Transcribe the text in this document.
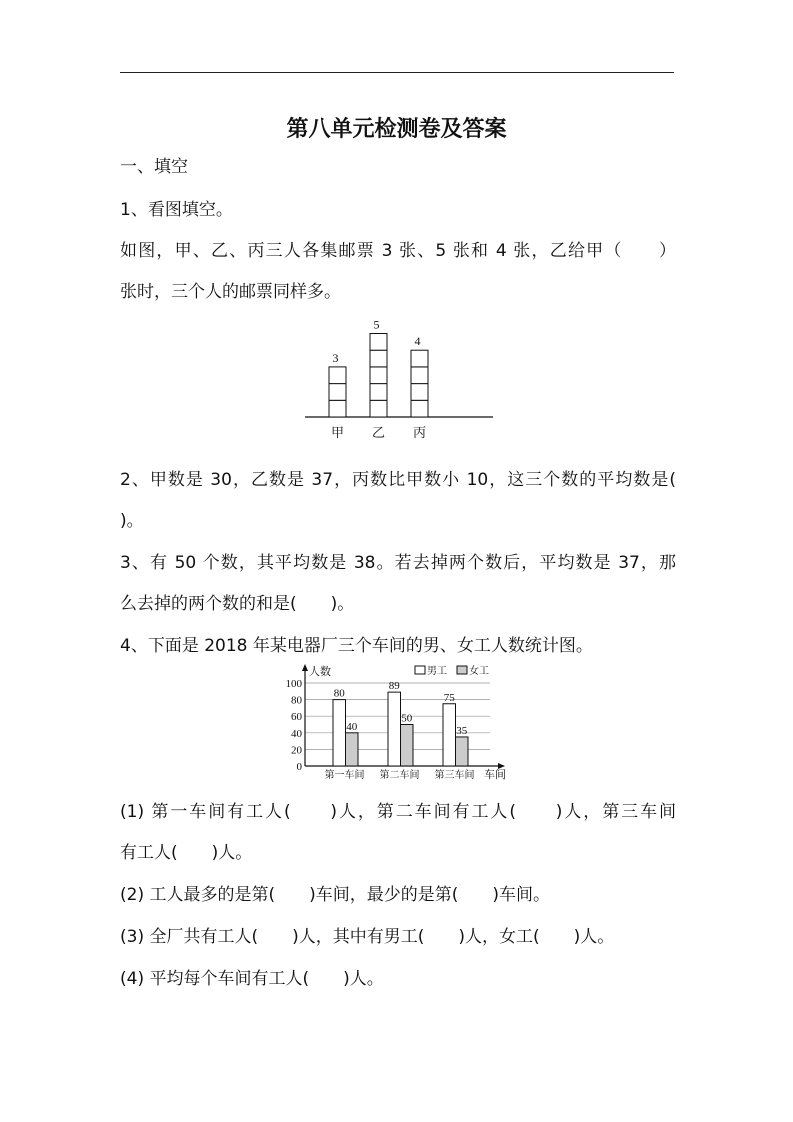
第八单元检测卷及答案
一、填空
1、看图填空。
如图，甲、乙、丙三人各集邮票 3 张、5 张和 4 张，乙给甲（　　）
张时，三个人的邮票同样多。
3
甲
5
乙
4
丙
2、甲数是 30，乙数是 37，丙数比甲数小 10，这三个数的平均数是(
)。
3、有 50 个数，其平均数是 38。若去掉两个数后，平均数是 37，那
么去掉的两个数的和是(　　)。
4、下面是 2018 年某电器厂三个车间的男、女工人数统计图。
0
20
40
60
80
100
人数
车间
80
89
75
男工
40
50
35
女工
第一车间 第二车间 第三车间
(1) 第一车间有工人(　　)人，第二车间有工人(　　)人，第三车间
有工人(　　)人。
(2) 工人最多的是第(　　)车间，最少的是第(　　)车间。
(3) 全厂共有工人(　　)人，其中有男工(　　)人，女工(　　)人。
(4) 平均每个车间有工人(　　)人。
